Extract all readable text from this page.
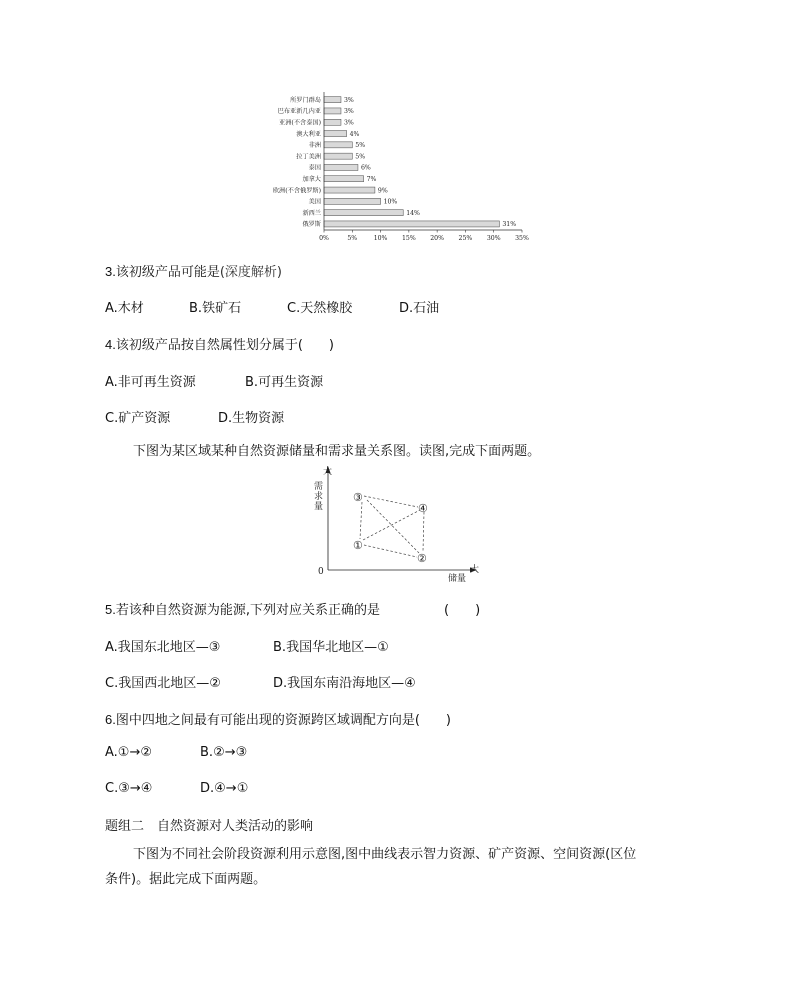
所罗门群岛
巴布亚新几内亚
亚洲(不含泰国)
澳大利亚
非洲
拉丁美洲
泰国
加拿大
欧洲(不含俄罗斯)
美国
新西兰
俄罗斯
3%
3%
3%
4%
5%
5%
6%
7%
9%
10%
14%
31%
0%	5%	10% 15% 20% 25% 30% 35%
3.该初级产品可能是(深度解析)
A.木材	B.铁矿石	C.天然橡胶	D.石油
4.该初级产品按自然属性划分属于(　　)
A.非可再生资源	B.可再生资源
C.矿产资源	D.生物资源
下图为某区域某种自然资源储量和需求量关系图。读图,完成下面两题。
大
需
求
量
大
储量
0
③
④
①
②
5.若该种自然资源为能源,下列对应关系正确的是	(　　)
A.我国东北地区—③	B.我国华北地区—①
C.我国西北地区—②	D.我国东南沿海地区—④
6.图中四地之间最有可能出现的资源跨区域调配方向是(　　)
A.①→②	B.②→③
C.③→④	D.④→①
题组二　自然资源对人类活动的影响
下图为不同社会阶段资源利用示意图,图中曲线表示智力资源、矿产资源、空间资源(区位
条件)。据此完成下面两题。
